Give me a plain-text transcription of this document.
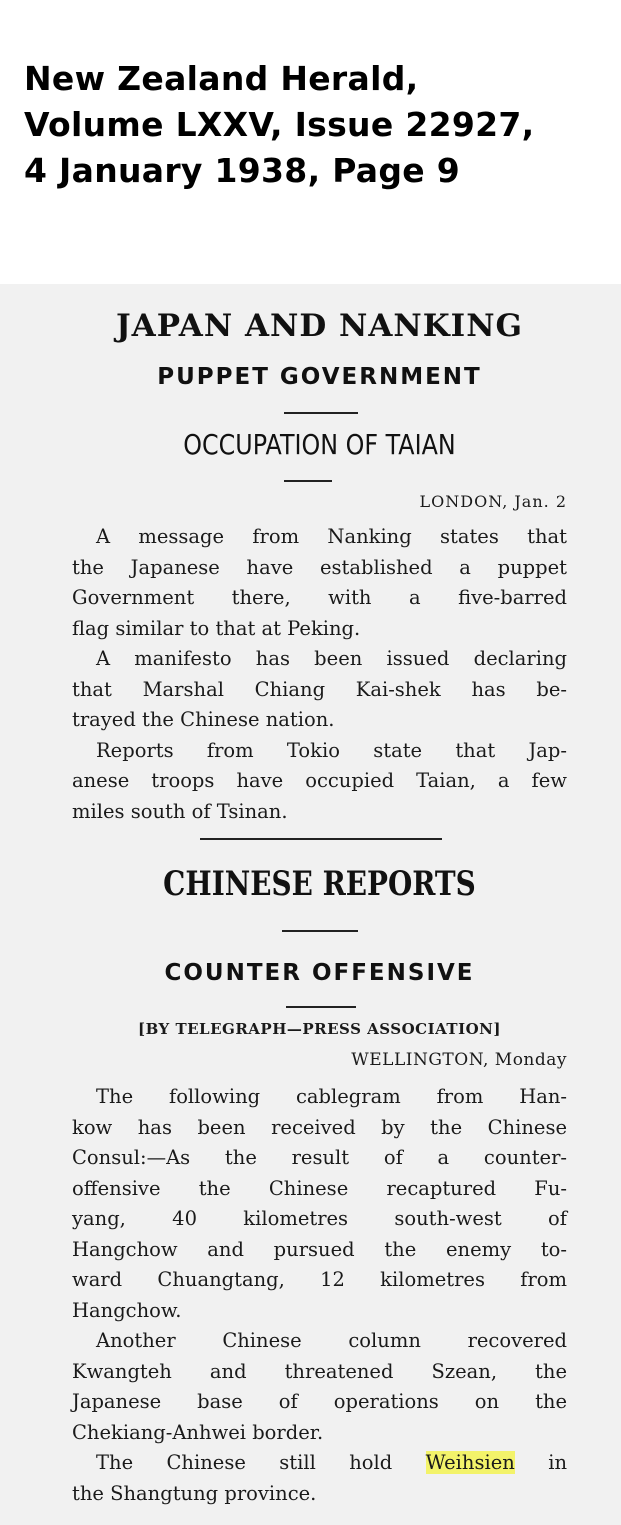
New Zealand Herald,
Volume LXXV, Issue 22927,
4 January 1938, Page 9
JAPAN AND NANKING
PUPPET GOVERNMENT
OCCUPATION OF TAIAN
LONDON, Jan. 2
A message from Nanking states that
the Japanese have established a puppet
Government there, with a five-barred
flag similar to that at Peking.
A manifesto has been issued declaring
that Marshal Chiang Kai-shek has be-
trayed the Chinese nation.
Reports from Tokio state that Jap-
anese troops have occupied Taian, a few
miles south of Tsinan.
CHINESE REPORTS
COUNTER OFFENSIVE
[BY TELEGRAPH—PRESS ASSOCIATION]
WELLINGTON, Monday
The following cablegram from Han-
kow has been received by the Chinese
Consul:—As the result of a counter-
offensive the Chinese recaptured Fu-
yang, 40 kilometres south-west of
Hangchow and pursued the enemy to-
ward Chuangtang, 12 kilometres from
Hangchow.
Another Chinese column recovered
Kwangteh and threatened Szean, the
Japanese base of operations on the
Chekiang-Anhwei border.
The Chinese still hold Weihsien in
the Shangtung province.
